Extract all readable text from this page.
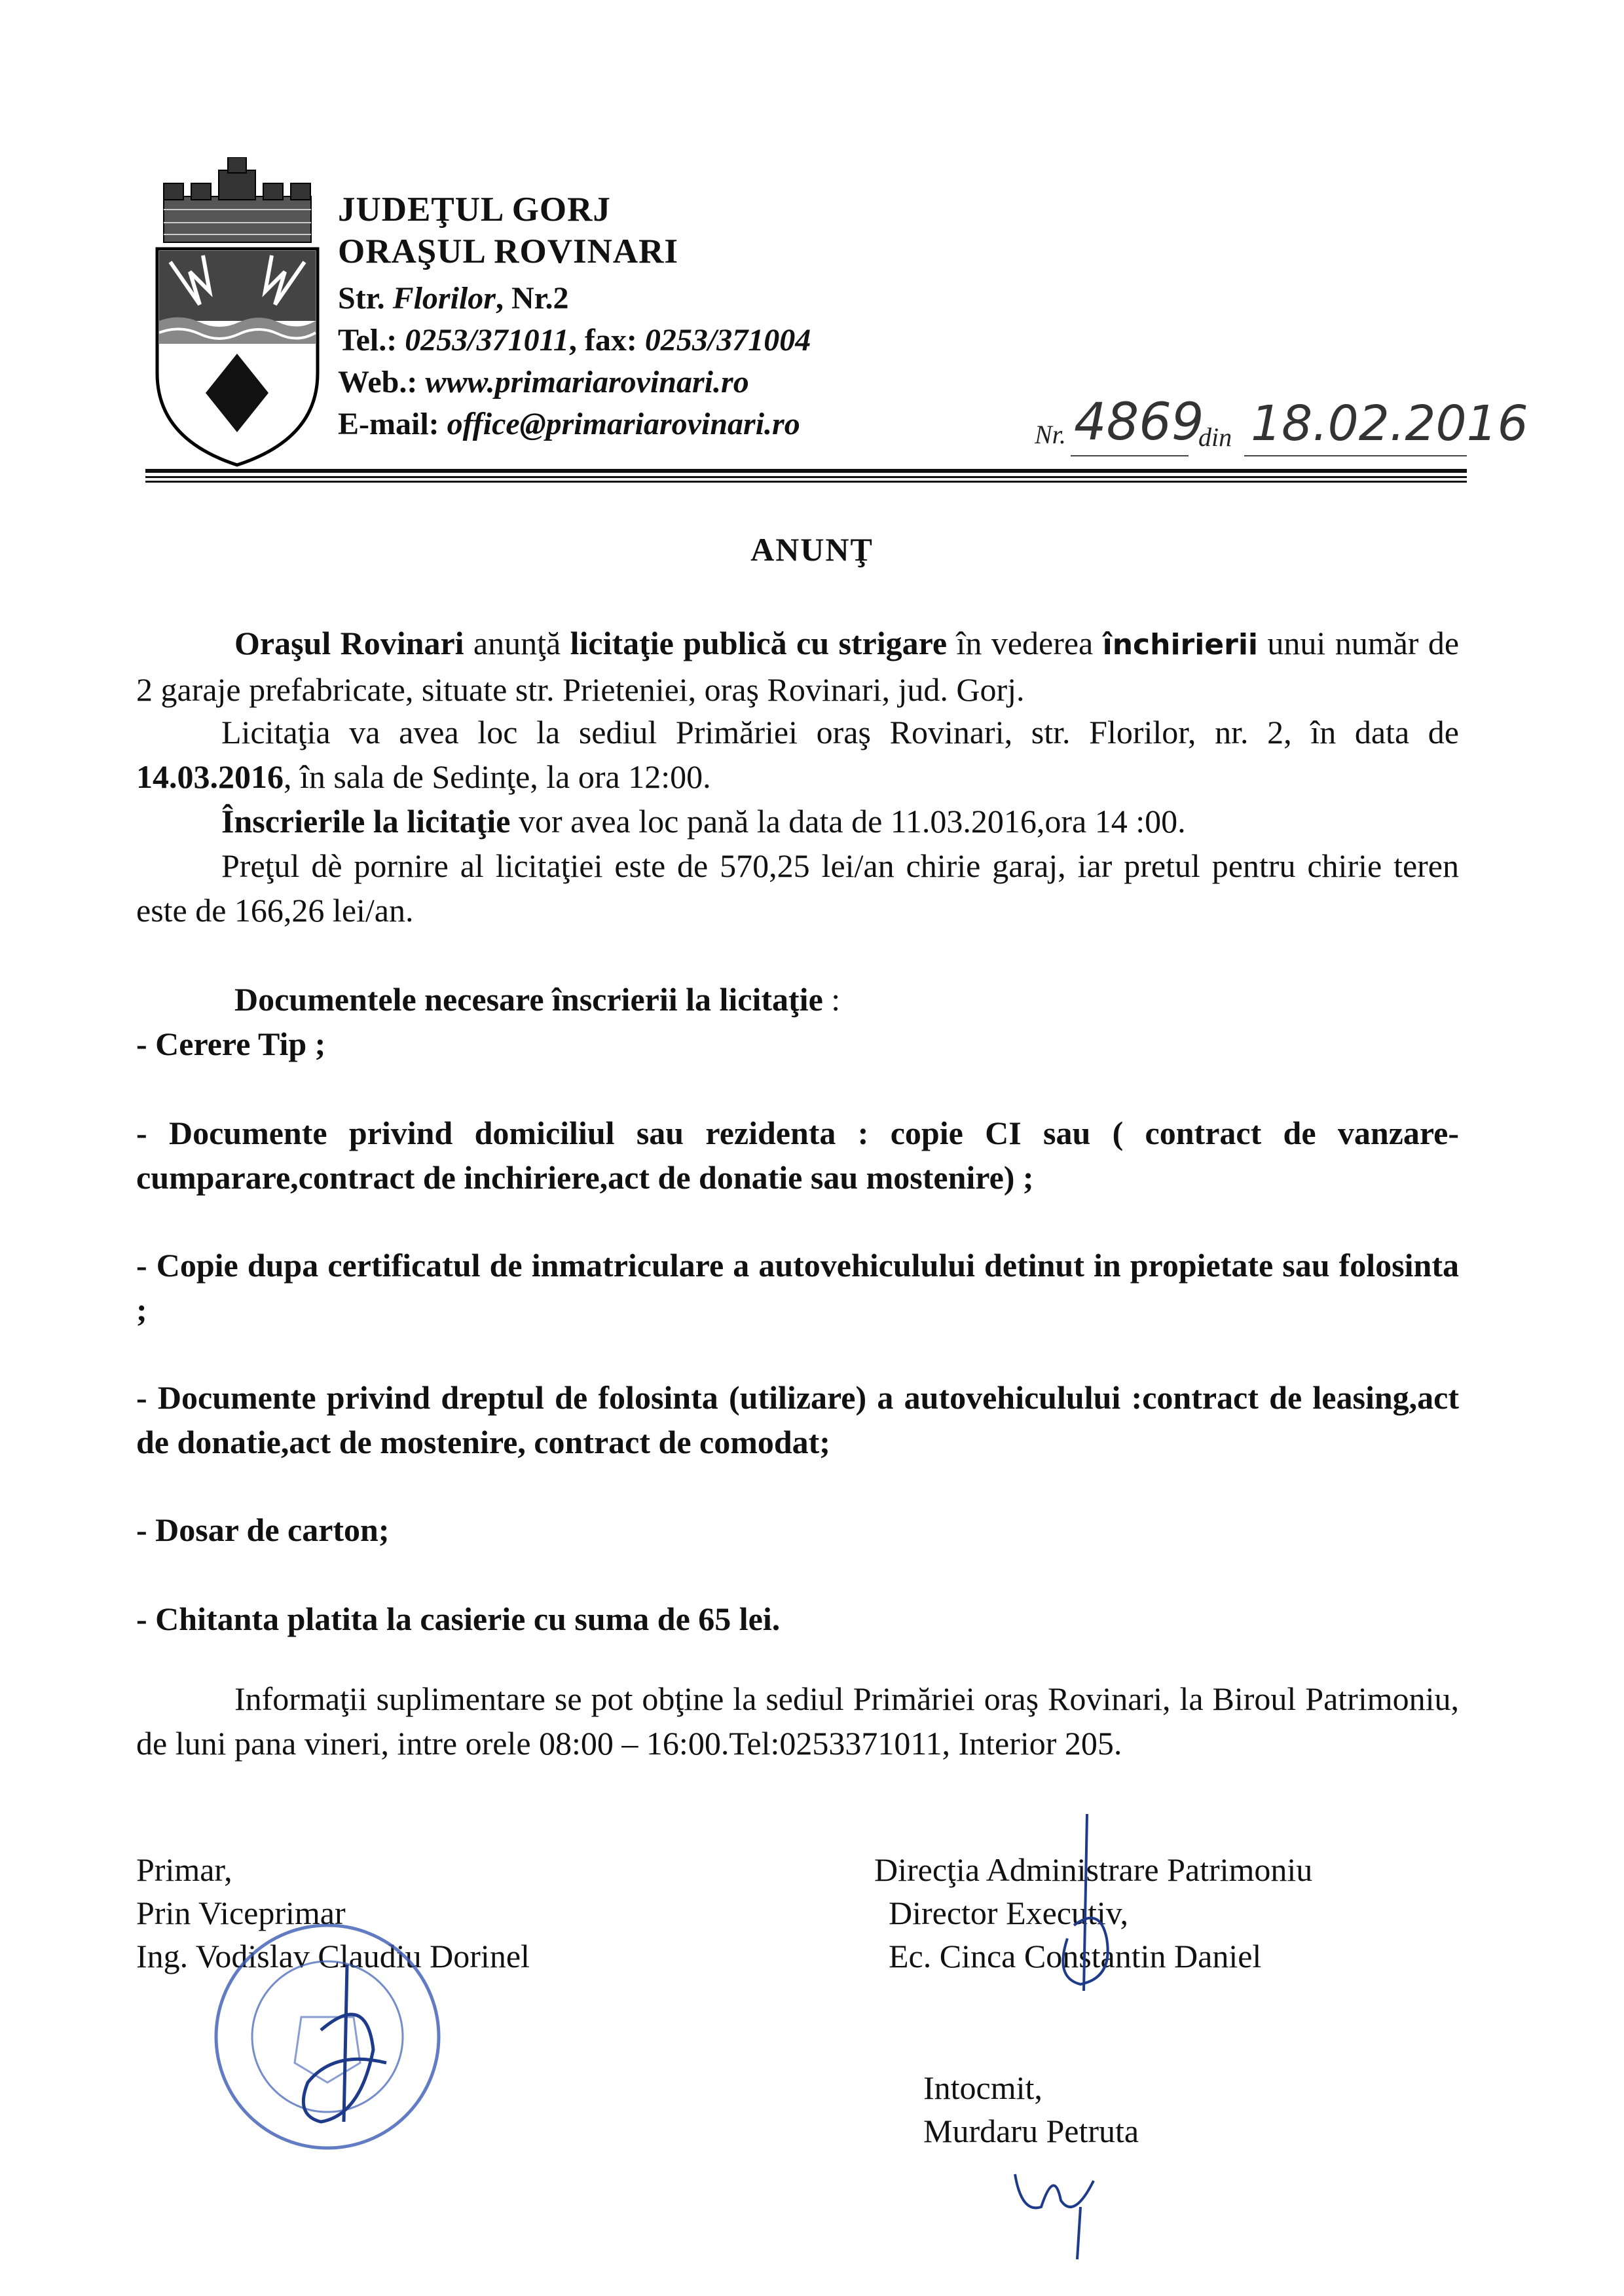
JUDEŢUL GORJ
ORAŞUL ROVINARI
Str. Florilor, Nr.2
Tel.: 0253/371011, fax: 0253/371004
Web.: www.primariarovinari.ro
E-mail: office@primariarovinari.ro	Nr. 4869
din 18.02.2016
ANUNŢ
Oraşul Rovinari anunţă licitaţie publică cu strigare în vederea închirierii unui număr de 2 garaje prefabricate, situate str. Prieteniei, oraş Rovinari, jud. Gorj.
Licitaţia va avea loc la sediul Primăriei oraş Rovinari, str. Florilor, nr. 2, în data de 14.03.2016, în sala de Sedinţe, la ora 12:00.
Înscrierile la licitaţie vor avea loc pană la data de 11.03.2016,ora 14 :00.
Preţul dè pornire al licitaţiei este de 570,25 lei/an chirie garaj, iar pretul pentru chirie teren este de 166,26 lei/an.
Documentele necesare înscrierii la licitaţie :
- Cerere Tip ;
- Documente privind domiciliul sau rezidenta : copie CI sau ( contract de vanzare-cumparare,contract de inchiriere,act de donatie sau mostenire) ;
- Copie dupa certificatul de inmatriculare a autovehiculului detinut in propietate sau folosinta ;
- Documente privind dreptul de folosinta (utilizare) a autovehiculului :contract de leasing,act de donatie,act de mostenire, contract de comodat;
- Dosar de carton;
- Chitanta platita la casierie cu suma de 65 lei.
Informaţii suplimentare se pot obţine la sediul Primăriei oraş Rovinari, la Biroul Patrimoniu, de luni pana vineri, intre orele 08:00 – 16:00.Tel:0253371011, Interior 205.
Primar,
Prin Viceprimar
Ing. Vodislav Claudiu Dorinel
Direcţia Administrare Patrimoniu
Director Executiv,
Ec. Cinca Constantin Daniel
Intocmit,
Murdaru Petruta
